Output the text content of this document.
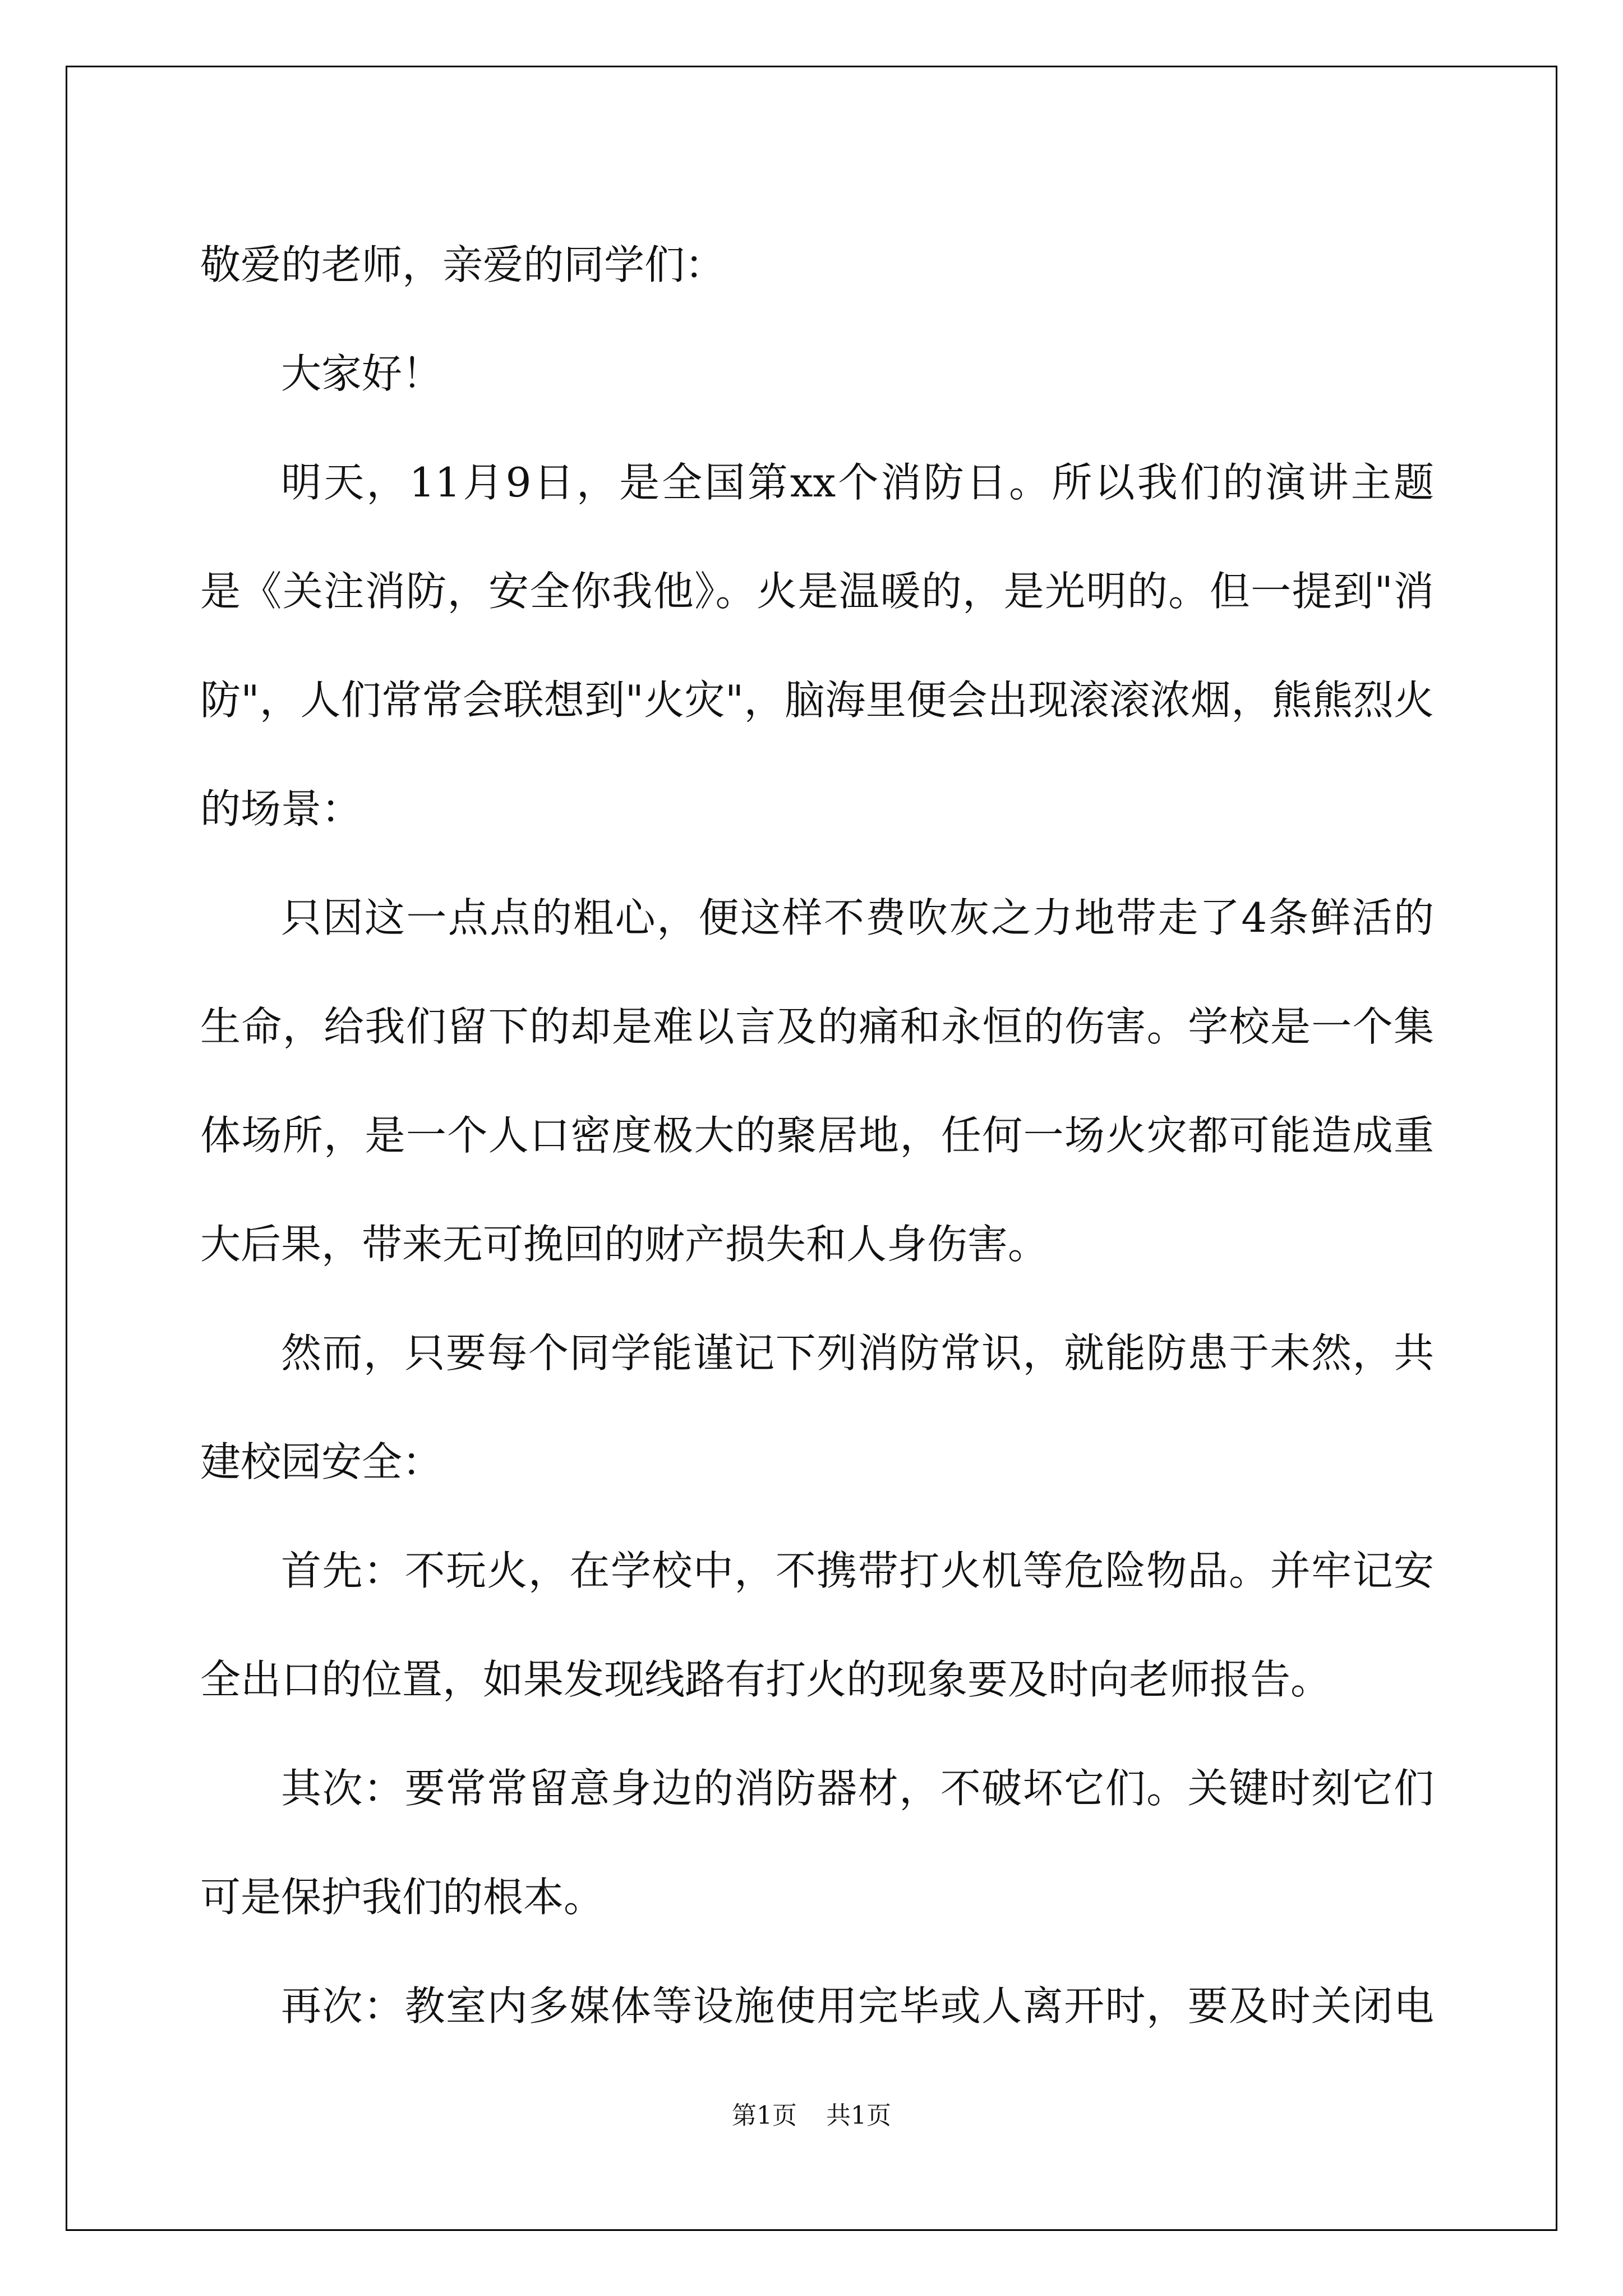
敬爱的老师，亲爱的同学们：
大家好！
明天，11月9日，是全国第xx个消防日。所以我们的演讲主题
是《关注消防，安全你我他》。火是温暖的，是光明的。但一提到"消
防"，人们常常会联想到"火灾"，脑海里便会出现滚滚浓烟，熊熊烈火
的场景：
只因这一点点的粗心，便这样不费吹灰之力地带走了4条鲜活的
生命，给我们留下的却是难以言及的痛和永恒的伤害。学校是一个集
体场所，是一个人口密度极大的聚居地，任何一场火灾都可能造成重
大后果，带来无可挽回的财产损失和人身伤害。
然而，只要每个同学能谨记下列消防常识，就能防患于未然，共
建校园安全：
首先：不玩火，在学校中，不携带打火机等危险物品。并牢记安
全出口的位置，如果发现线路有打火的现象要及时向老师报告。
其次：要常常留意身边的消防器材，不破坏它们。关键时刻它们
可是保护我们的根本。
再次：教室内多媒体等设施使用完毕或人离开时，要及时关闭电
第1页 共1页
